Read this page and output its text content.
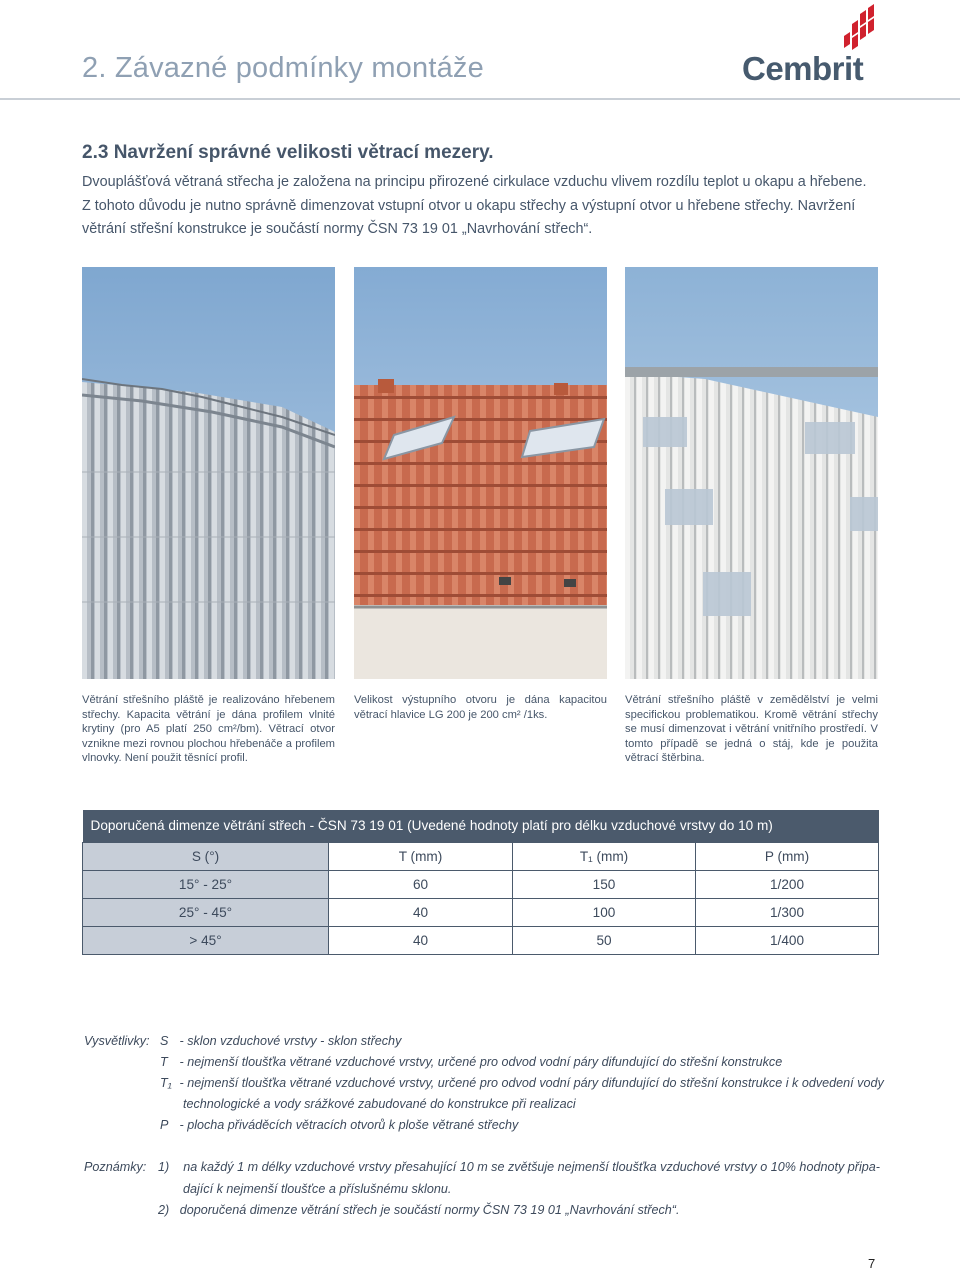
2. Závazné podmínky montáže	Cembrit
2.3 Navržení správné velikosti větrací mezery.
Dvouplášťová větraná střecha je založena na principu přirozené cirkulace vzduchu vlivem rozdílu teplot u okapu a hřebene.
Z tohoto důvodu je nutno správně dimenzovat vstupní otvor u okapu střechy a výstupní otvor u hřebene střechy. Navržení
větrání střešní konstrukce je součástí normy ČSN 73 19 01 „Navrhování střech“.

Větrání střešního pláště je realizováno hřebenem střechy. Kapacita větrání je dána profilem vlnité krytiny (pro A5 platí 250 cm²/bm). Větrací otvor vznikne mezi rovnou plochou hřebenáče a profilem vlnovky. Není použit těsnící profil.

Velikost výstupního otvoru je dána kapacitou větrací hlavice LG 200 je 200 cm² /1ks.

Větrání střešního pláště v zemědělství je velmi specifickou problematikou. Kromě větrání střechy se musí dimenzovat i větrání vnitřního prostředí. V tomto případě se jedná o stáj, kde je použita větrací štěrbina.

Doporučená dimenze větrání střech - ČSN 73 19 01 (Uvedené hodnoty platí pro délku vzduchové vrstvy do 10 m)			
S (°)	T (mm)	T₁ (mm)	P (mm)
15° - 25°	60	150	1/200
25° - 45°	40	100	1/300
> 45°	40	50	1/400
Vysvětlivky: S - sklon vzduchové vrstvy - sklon střechy
T - nejmenší tloušťka větrané vzduchové vrstvy, určené pro odvod vodní páry difundující do střešní konstrukce
T₁ - nejmenší tloušťka větrané vzduchové vrstvy, určené pro odvod vodní páry difundující do střešní konstrukce i k odvedení vody
technologické a vody srážkové zabudované do konstrukce při realizaci
P - plocha přiváděcích větracích otvorů k ploše větrané střechy
Poznámky: 1) na každý 1 m délky vzduchové vrstvy přesahující 10 m se zvětšuje nejmenší tloušťka vzduchové vrstvy o 10% hodnoty připa-
dající k nejmenší tloušťce a příslušnému sklonu.
2) doporučená dimenze větrání střech je součástí normy ČSN 73 19 01 „Navrhování střech“.
7
